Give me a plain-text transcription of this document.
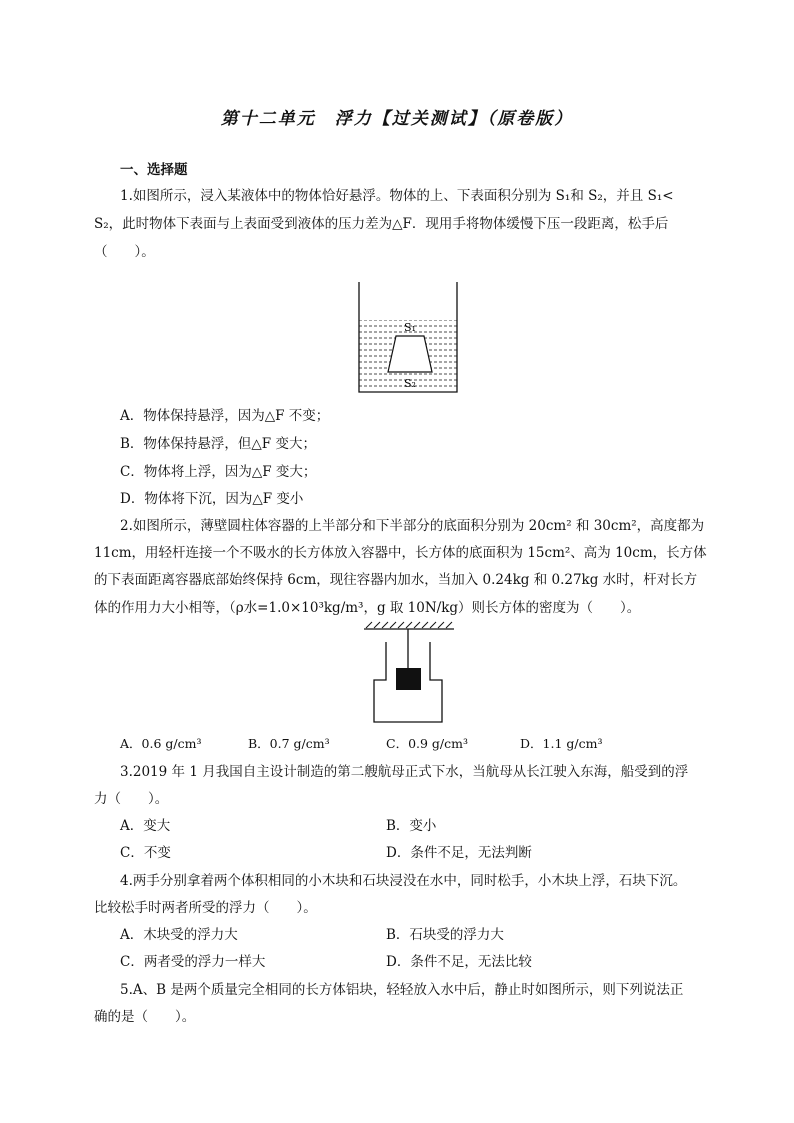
第十二单元　浮力【过关测试】（原卷版）
一、选择题
1.如图所示，浸入某液体中的物体恰好悬浮。物体的上、下表面积分别为 S₁和 S₂，并且 S₁<
S₂，此时物体下表面与上表面受到液体的压力差为△F．现用手将物体缓慢下压一段距离，松手后
（　　）。
S₁
S₂
A．物体保持悬浮，因为△F 不变；
B．物体保持悬浮，但△F 变大；
C．物体将上浮，因为△F 变大；
D．物体将下沉，因为△F 变小
2.如图所示，薄壁圆柱体容器的上半部分和下半部分的底面积分别为 20cm² 和 30cm²，高度都为
11cm，用轻杆连接一个不吸水的长方体放入容器中，长方体的底面积为 15cm²、高为 10cm，长方体
的下表面距离容器底部始终保持 6cm，现往容器内加水，当加入 0.24kg 和 0.27kg 水时，杆对长方
体的作用力大小相等，（ρ水=1.0×10³kg/m³，g 取 10N/kg）则长方体的密度为（　　）。
A．0.6 g/cm³	B．0.7 g/cm³	C．0.9 g/cm³	D．1.1 g/cm³
3.2019 年 1 月我国自主设计制造的第二艘航母正式下水，当航母从长江驶入东海，船受到的浮
力（　　）。
A．变大	B．变小
C．不变	D．条件不足，无法判断
4.两手分别拿着两个体积相同的小木块和石块浸没在水中，同时松手，小木块上浮，石块下沉。
比较松手时两者所受的浮力（　　）。
A．木块受的浮力大	B．石块受的浮力大
C．两者受的浮力一样大	D．条件不足，无法比较
5.A、B 是两个质量完全相同的长方体铝块，轻轻放入水中后，静止时如图所示，则下列说法正
确的是（　　）。
